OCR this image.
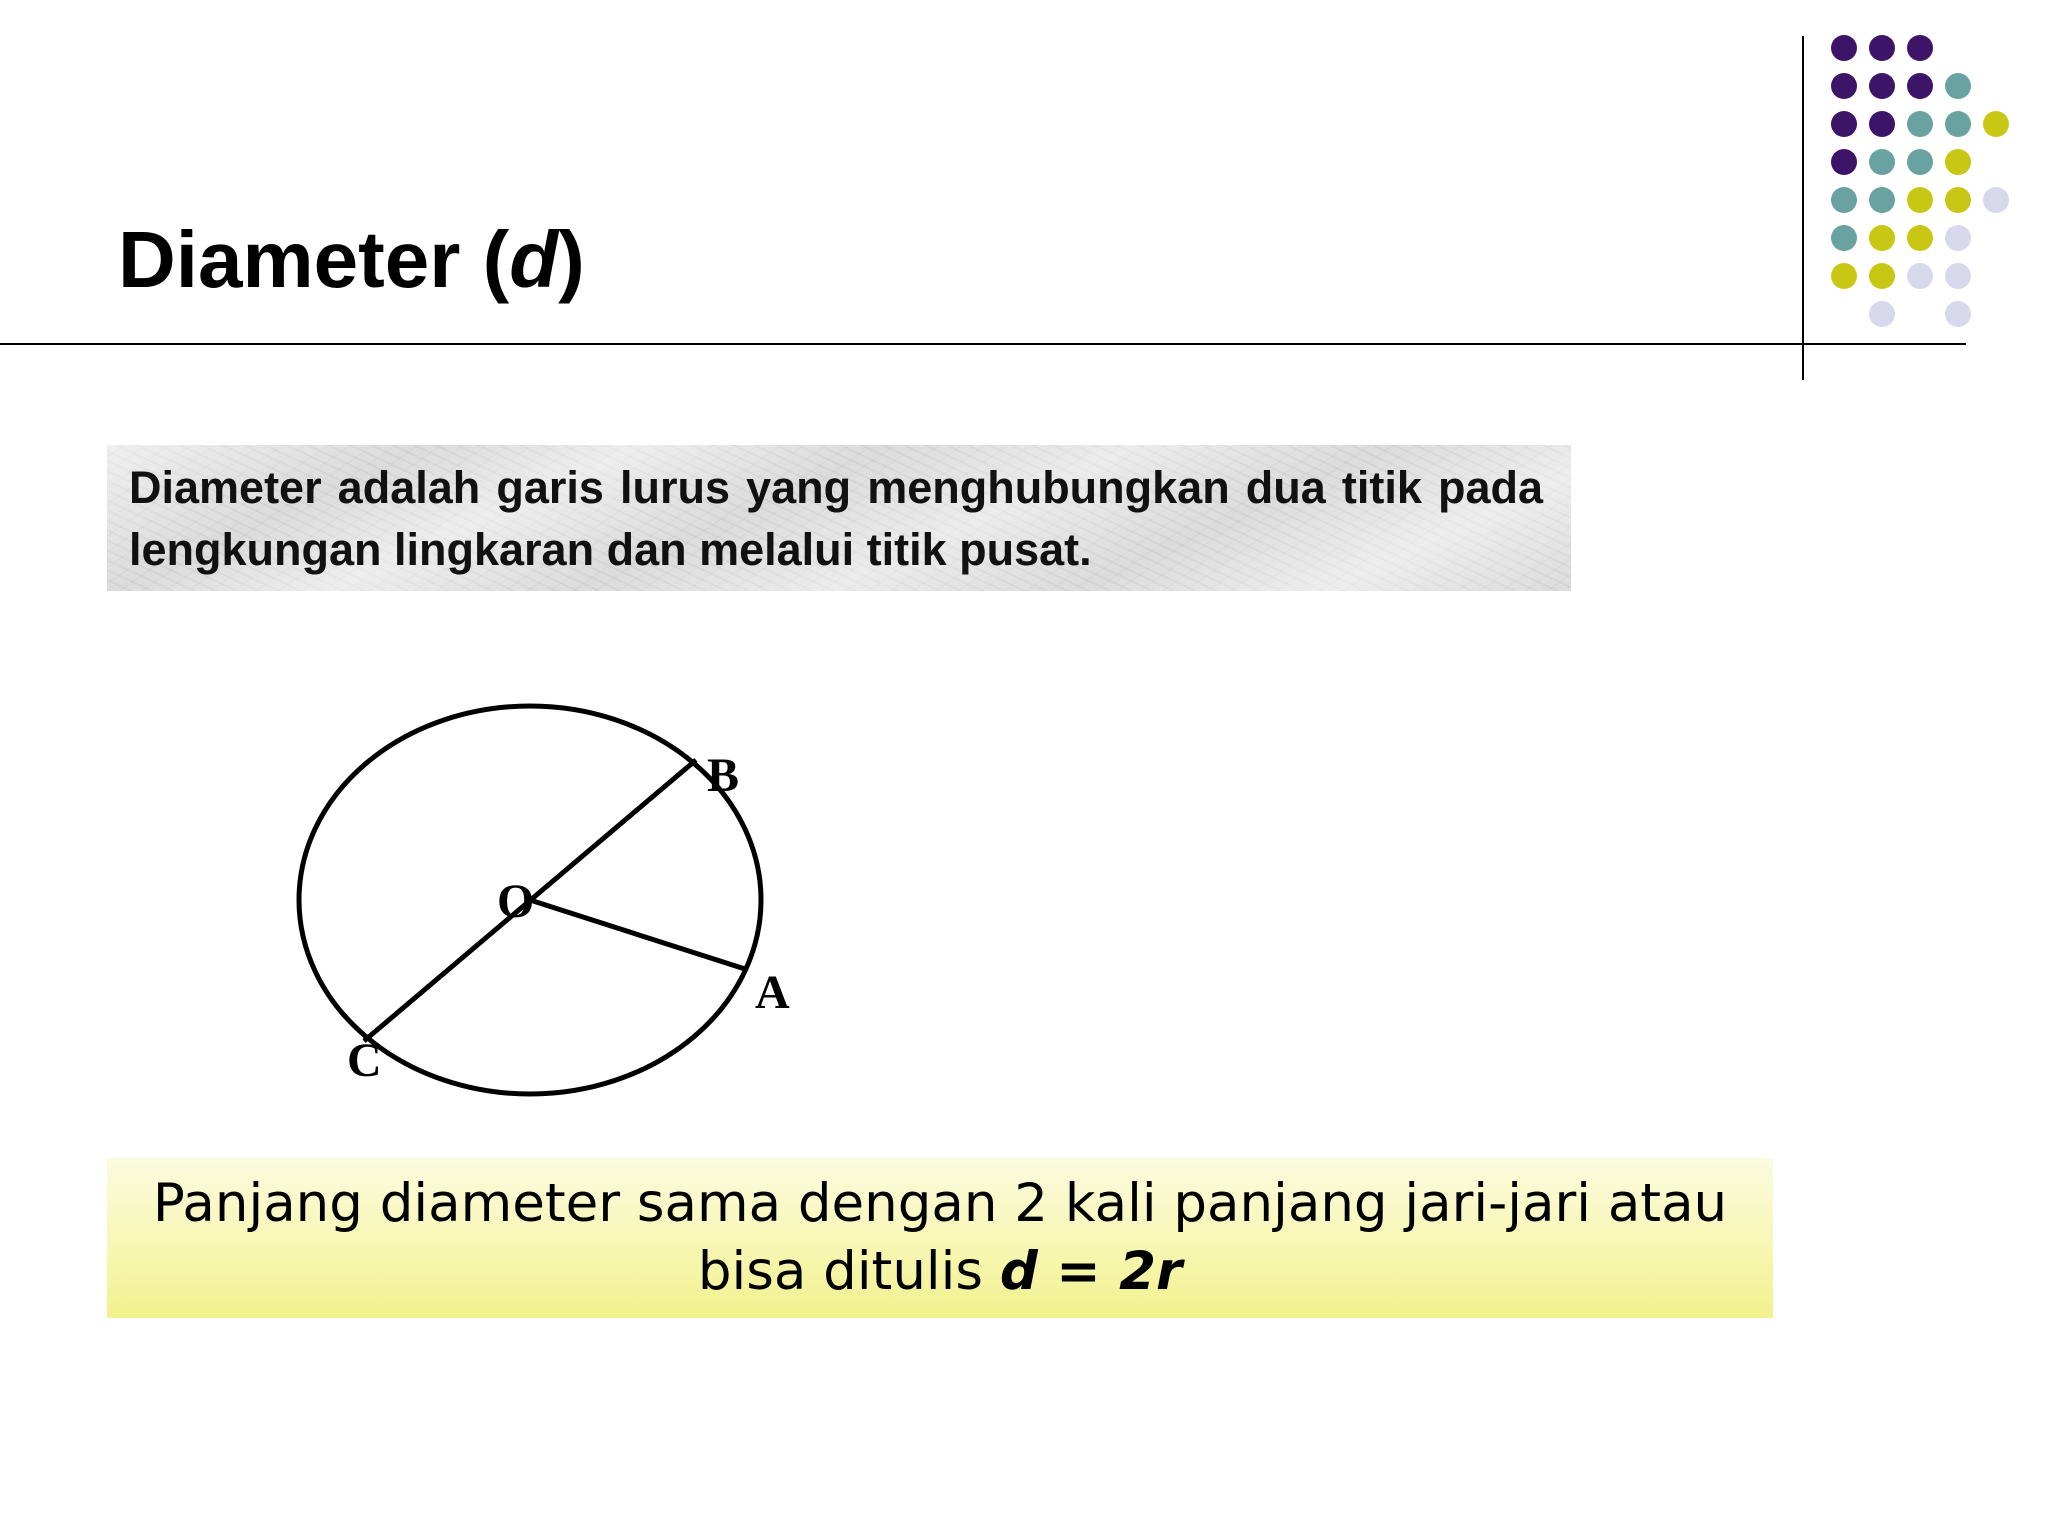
Diameter (d)

Diameter adalah garis lurus yang menghubungkan dua titik pada lengkungan lingkaran dan melalui titik pusat.

O
B
A
C

Panjang diameter sama dengan 2 kali panjang jari-jari atau
bisa ditulis d = 2r
